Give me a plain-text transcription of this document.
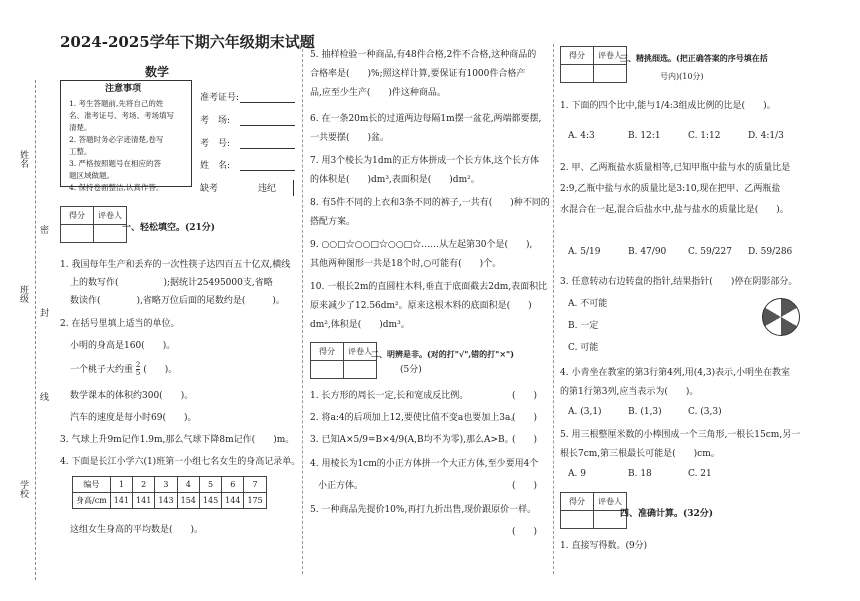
姓名
密
班级
封
线
学校
2024-2025学年下期六年级期末试题
数学
注意事项
1. 考生答题前,先将自己的姓
名、准考证号、考场、考场填写
清楚。
2. 答题时务必字迹清楚,卷写
工整。
3. 严格按照题号在相应的答
题区域做题。
4. 保持卷面整洁,认真作答。
准考证号:
考　场:
考　号:
姓　名:
缺考	违纪
得分	评卷人

一、轻松填空。(21分)
1. 我国每年生产和丢弃的一次性筷子达四百五十亿双,横线
上的数写作(　　　　　);据统计25495000支,省略
数读作(　　　　),省略万位后面的尾数约是(　　　)。
2. 在括号里填上适当的单位。
小明的身高是160(　　)。
一个桃子大约重 $\frac{2}{5}$ (　　)。
数学课本的体积约300(　　)。
汽车的速度是每小时69(　　)。
3. 气球上升9m记作1.9m,那么气球下降8m记作(　　)m。
4. 下面是长江小学六(1)班第一小组七名女生的身高记录单。
编号	1	2	3	4	5	6	7
身高/cm	141	141	143	154	145	144	175
这组女生身高的平均数是(　　)。
5. 抽样检验一种商品,有48件合格,2件不合格,这种商品的
合格率是(　　)%;照这样计算,要保证有1000件合格产
品,应至少生产(　　)件这种商品。
6. 在一条20m长的过道两边每隔1m摆一盆花,两端都要摆,
一共要摆(　　)盆。
7. 用3个棱长为1dm的正方体拼成一个长方体,这个长方体
的体积是(　　)dm³,表面积是(　　)dm²。
8. 有5件不同的上衣和3条不同的裤子,一共有(　　)种不同的
搭配方案。
9. ○○□☆○○□☆○○□☆……从左起第30个是(　　),
其他两种图形一共是18个时,○可能有(　　)个。
10. 一根长2m的直圆柱木料,垂直于底面截去2dm,表面积比
原来减少了12.56dm²。原来这根木料的底面积是(　　)
dm²,体积是(　　)dm³。
得分	评卷人
	二、明辨是非。(对的打"√",错的打"×")
(5分)
1. 长方形的周长一定,长和宽成反比例。	(　　)
2. 将a:4的后项加上12,要使比值不变a也要加上3a。
(　　)
3. 已知A×5/9=B×4/9(A,B均不为零),那么A>B。
(　　)
4. 用棱长为1cm的小正方体拼一个大正方体,至少要用4个
小正方体。	(　　)
5. 一种商品先提价10%,再打九折出售,现价跟原价一样。
(　　)
得分	评卷人

三、精挑细选。(把正确答案的序号填在括
号内)(10分)
1. 下面的四个比中,能与1/4:3组成比例的比是(　　)。
A. 4:3	B. 12:1	C. 1:12	D. 4:1/3
2. 甲、乙两瓶盐水质量相等,已知甲瓶中盐与水的质量比是
2:9,乙瓶中盐与水的质量比是3:10,现在把甲、乙两瓶盐
水混合在一起,混合后盐水中,盐与盐水的质量比是(　　)。
A. 5/19	B. 47/90 C. 59/227 D. 59/286
3. 任意转动右边转盘的指针,结果指针(　　)停在阴影部分。
A. 不可能
B. 一定
C. 可能
4. 小青坐在教室的第3行第4列,用(4,3)表示,小明坐在教室
的第1行第3列,应当表示为(　　)。
A. (3,1)	B. (1,3)	C. (3,3)
5. 用三根整厘米数的小棒围成一个三角形,一根长15cm,另一
根长7cm,第三根最长可能是(　　)cm。
A. 9	B. 18	C. 21
得分	评卷人

四、准确计算。(32分)
1. 直接写得数。(9分)
